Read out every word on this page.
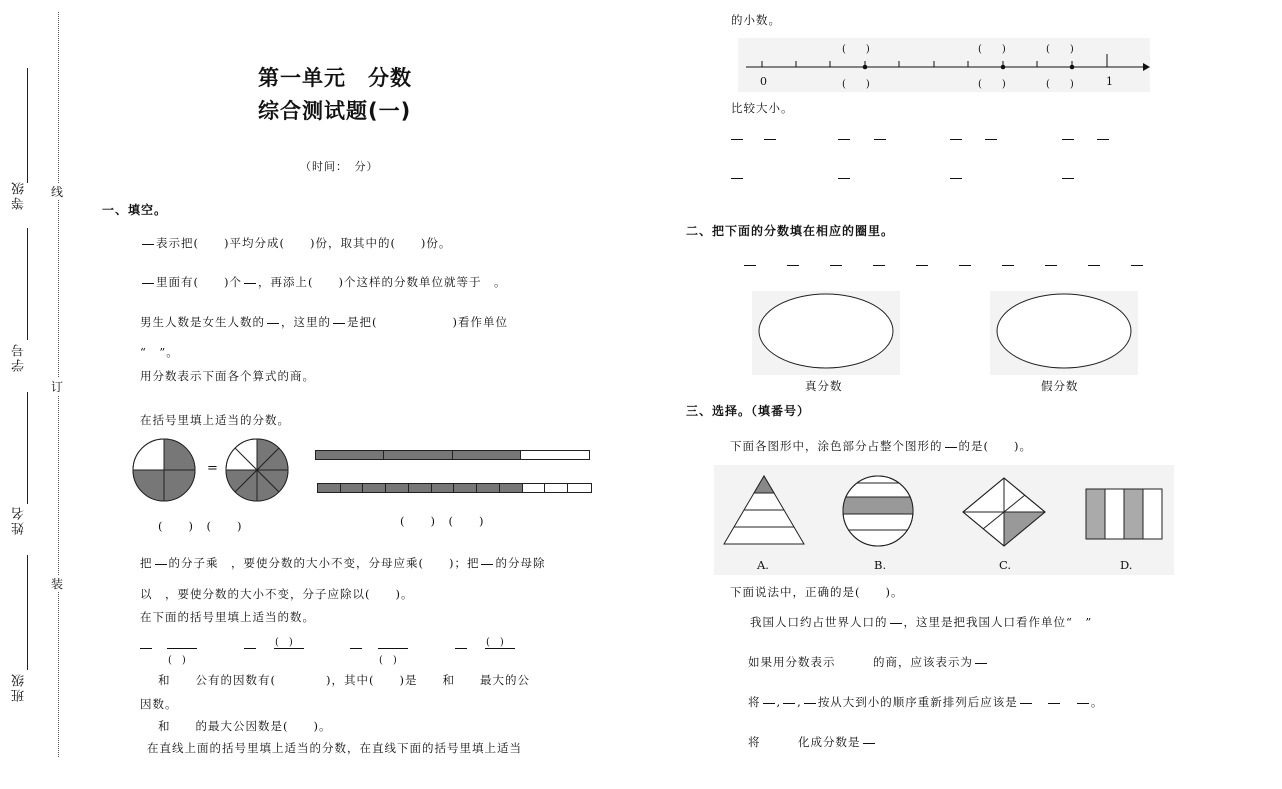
等级
学号
姓名
班级
线
订
装
第一单元　分数
综合测试题(一)
（时间：　分）
一、填空。
表示把(　　)平均分成(　　)份，取其中的(　　)份。
里面有(　　)个 ，再添上(　　)个这样的分数单位就等于　。
男生人数是女生人数的 ，这里的 是把(　　　　　　)看作单位
“　”。
用分数表示下面各个算式的商。
在括号里填上适当的分数。
=
(　　)　(　　)	(　　)　(　　)
把 的分子乘　，要使分数的大小不变，分母应乘(　　)；把 的分母除
以　，要使分数的大小不变，分子应除以(　　)。
在下面的括号里填上适当的数。
(　)
(　)
(　)
(　)
和　　公有的因数有(　　　　)，其中(　　)是　　和　　最大的公
因数。
和　　的最大公因数是(　　)。
在直线上面的括号里填上适当的分数，在直线下面的括号里填上适当
的小数。
0	1
(　　)	(　　)	(　　)
(　　)	(　　)	(　　)
比较大小。
二、把下面的分数填在相应的圈里。
真分数	假分数
三、选择。（填番号）
下面各图形中，涂色部分占整个图形的 的是(　　)。
A.	B.	C.	D.
下面说法中，正确的是(　　)。
我国人口约占世界人口的 ，这里是把我国人口看作单位“　”
如果用分数表示　　　的商，应该表示为
将 , , 按从大到小的顺序重新排列后应该是　　	。
将　　　化成分数是
